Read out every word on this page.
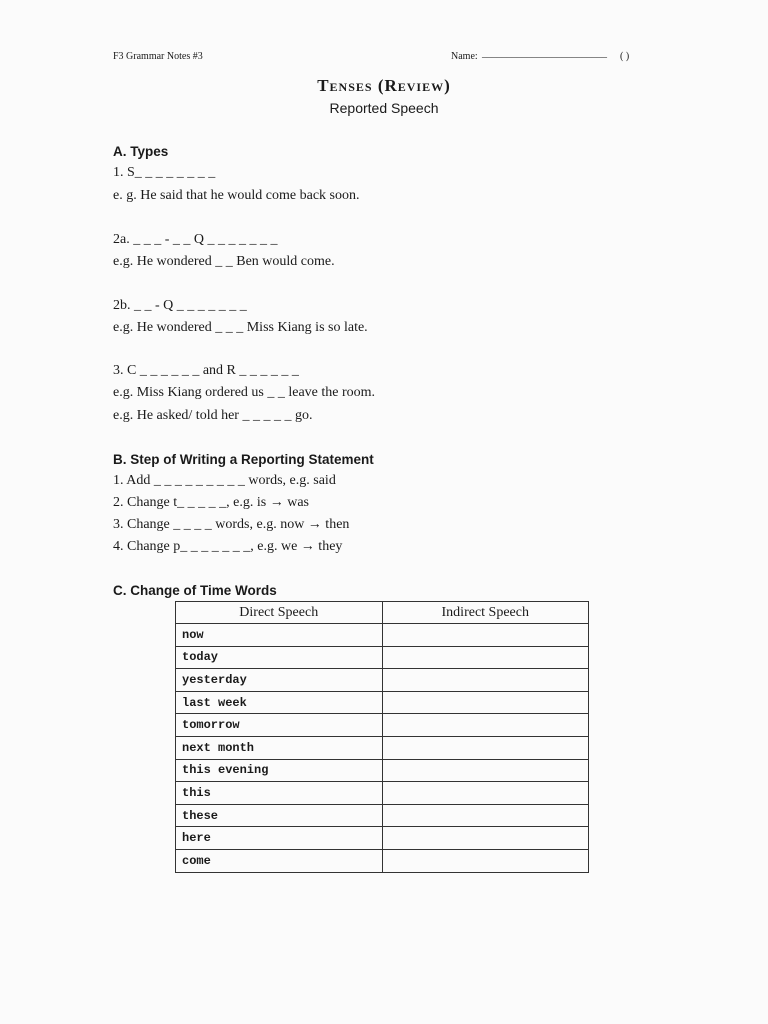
F3 Grammar Notes #3	Name: _________________________ ( )
Tenses (Review)
Reported Speech
A. Types
1. S_ _ _ _ _ _ _ _
e. g. He said that he would come back soon.
2a. _ _ _ - _ _ Q _ _ _ _ _ _ _
e.g. He wondered _ _ Ben would come.
2b. _ _ - Q _ _ _ _ _ _ _
e.g. He wondered _ _ _ Miss Kiang is so late.
3. C _ _ _ _ _ _ and R _ _ _ _ _ _
e.g. Miss Kiang ordered us _ _ leave the room.
e.g. He asked/ told her _ _ _ _ _ go.
B. Step of Writing a Reporting Statement
1. Add _ _ _ _ _ _ _ _ _ words, e.g. said
2. Change t_ _ _ _ _, e.g. is → was
3. Change _ _ _ _ words, e.g. now → then
4. Change p_ _ _ _ _ _ _, e.g. we → they
C. Change of Time Words
Direct Speech	Indirect Speech
now	
today	
yesterday	
last week	
tomorrow	
next month	
this evening	
this	
these	
here	
come	
